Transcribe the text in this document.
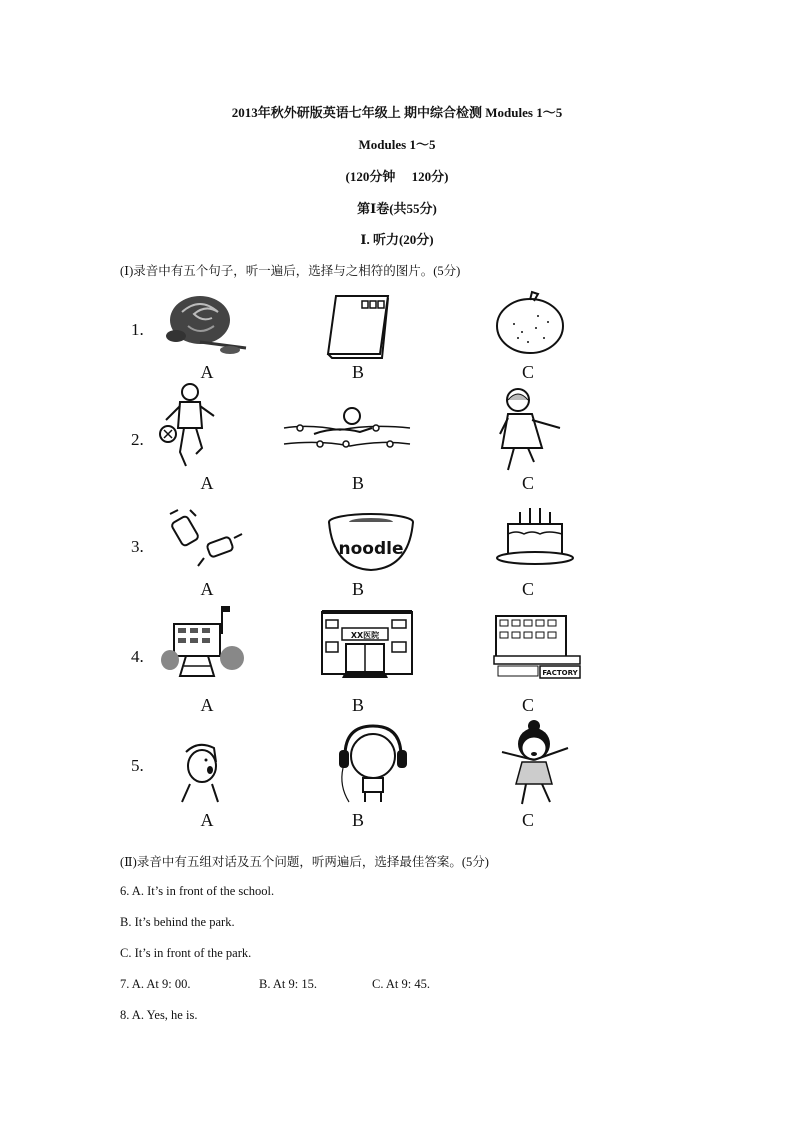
2013年秋外研版英语七年级上 期中综合检测 Modules 1～5
Modules 1～5
(120分钟　 120分)
第Ⅰ卷(共55分)
Ⅰ. 听力(20分)
(Ⅰ)录音中有五个句子，听一遍后，选择与之相符的图片。(5分)
1.
A	B	C
2.
A	B	C
3.	noodle
A	B	C
4.
XX医院
FACTORY
A	B	C
5.
A	B	C
(Ⅱ)录音中有五组对话及五个问题，听两遍后，选择最佳答案。(5分)
6. A. It’s in front of the school.
B. It’s behind the park.
C. It’s in front of the park.
7. A. At 9: 00.	B. At 9: 15.	C. At 9: 45.
8. A. Yes, he is.
